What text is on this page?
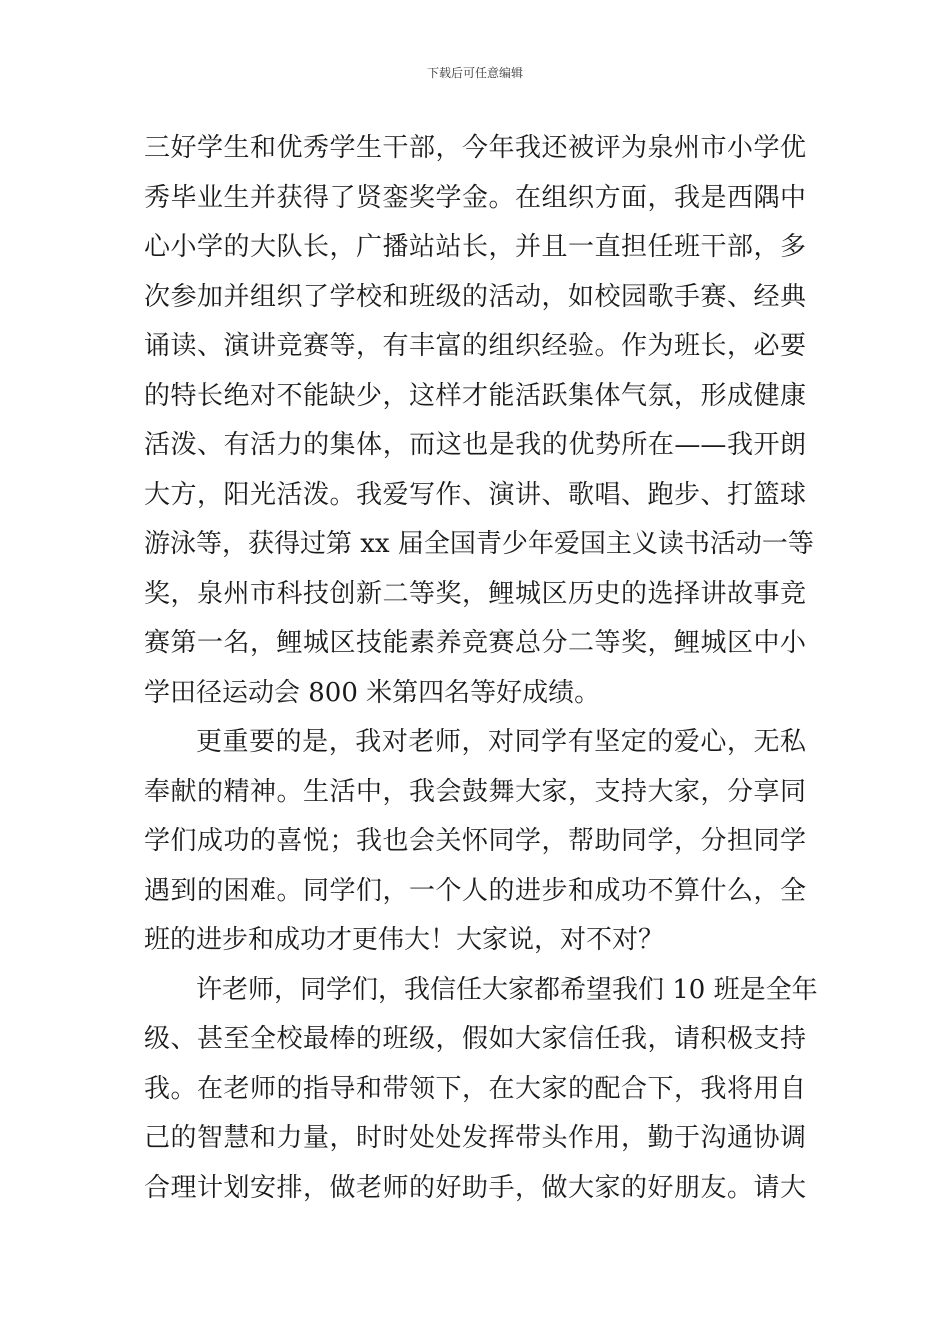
下载后可任意编辑
三好学生和优秀学生干部，今年我还被评为泉州市小学优
秀毕业生并获得了贤銮奖学金。在组织方面，我是西隅中
心小学的大队长，广播站站长，并且一直担任班干部，多
次参加并组织了学校和班级的活动，如校园歌手赛、经典
诵读、演讲竞赛等，有丰富的组织经验。作为班长，必要
的特长绝对不能缺少，这样才能活跃集体气氛，形成健康
活泼、有活力的集体，而这也是我的优势所在——我开朗
大方，阳光活泼。我爱写作、演讲、歌唱、跑步、打篮球
游泳等，获得过第 xx 届全国青少年爱国主义读书活动一等
奖，泉州市科技创新二等奖，鲤城区历史的选择讲故事竞
赛第一名，鲤城区技能素养竞赛总分二等奖，鲤城区中小
学田径运动会 800 米第四名等好成绩。
更重要的是，我对老师，对同学有坚定的爱心，无私
奉献的精神。生活中，我会鼓舞大家，支持大家，分享同
学们成功的喜悦；我也会关怀同学，帮助同学，分担同学
遇到的困难。同学们，一个人的进步和成功不算什么，全
班的进步和成功才更伟大！大家说，对不对？
许老师，同学们，我信任大家都希望我们 10 班是全年
级、甚至全校最棒的班级，假如大家信任我，请积极支持
我。在老师的指导和带领下，在大家的配合下，我将用自
己的智慧和力量，时时处处发挥带头作用，勤于沟通协调
合理计划安排，做老师的好助手，做大家的好朋友。请大
